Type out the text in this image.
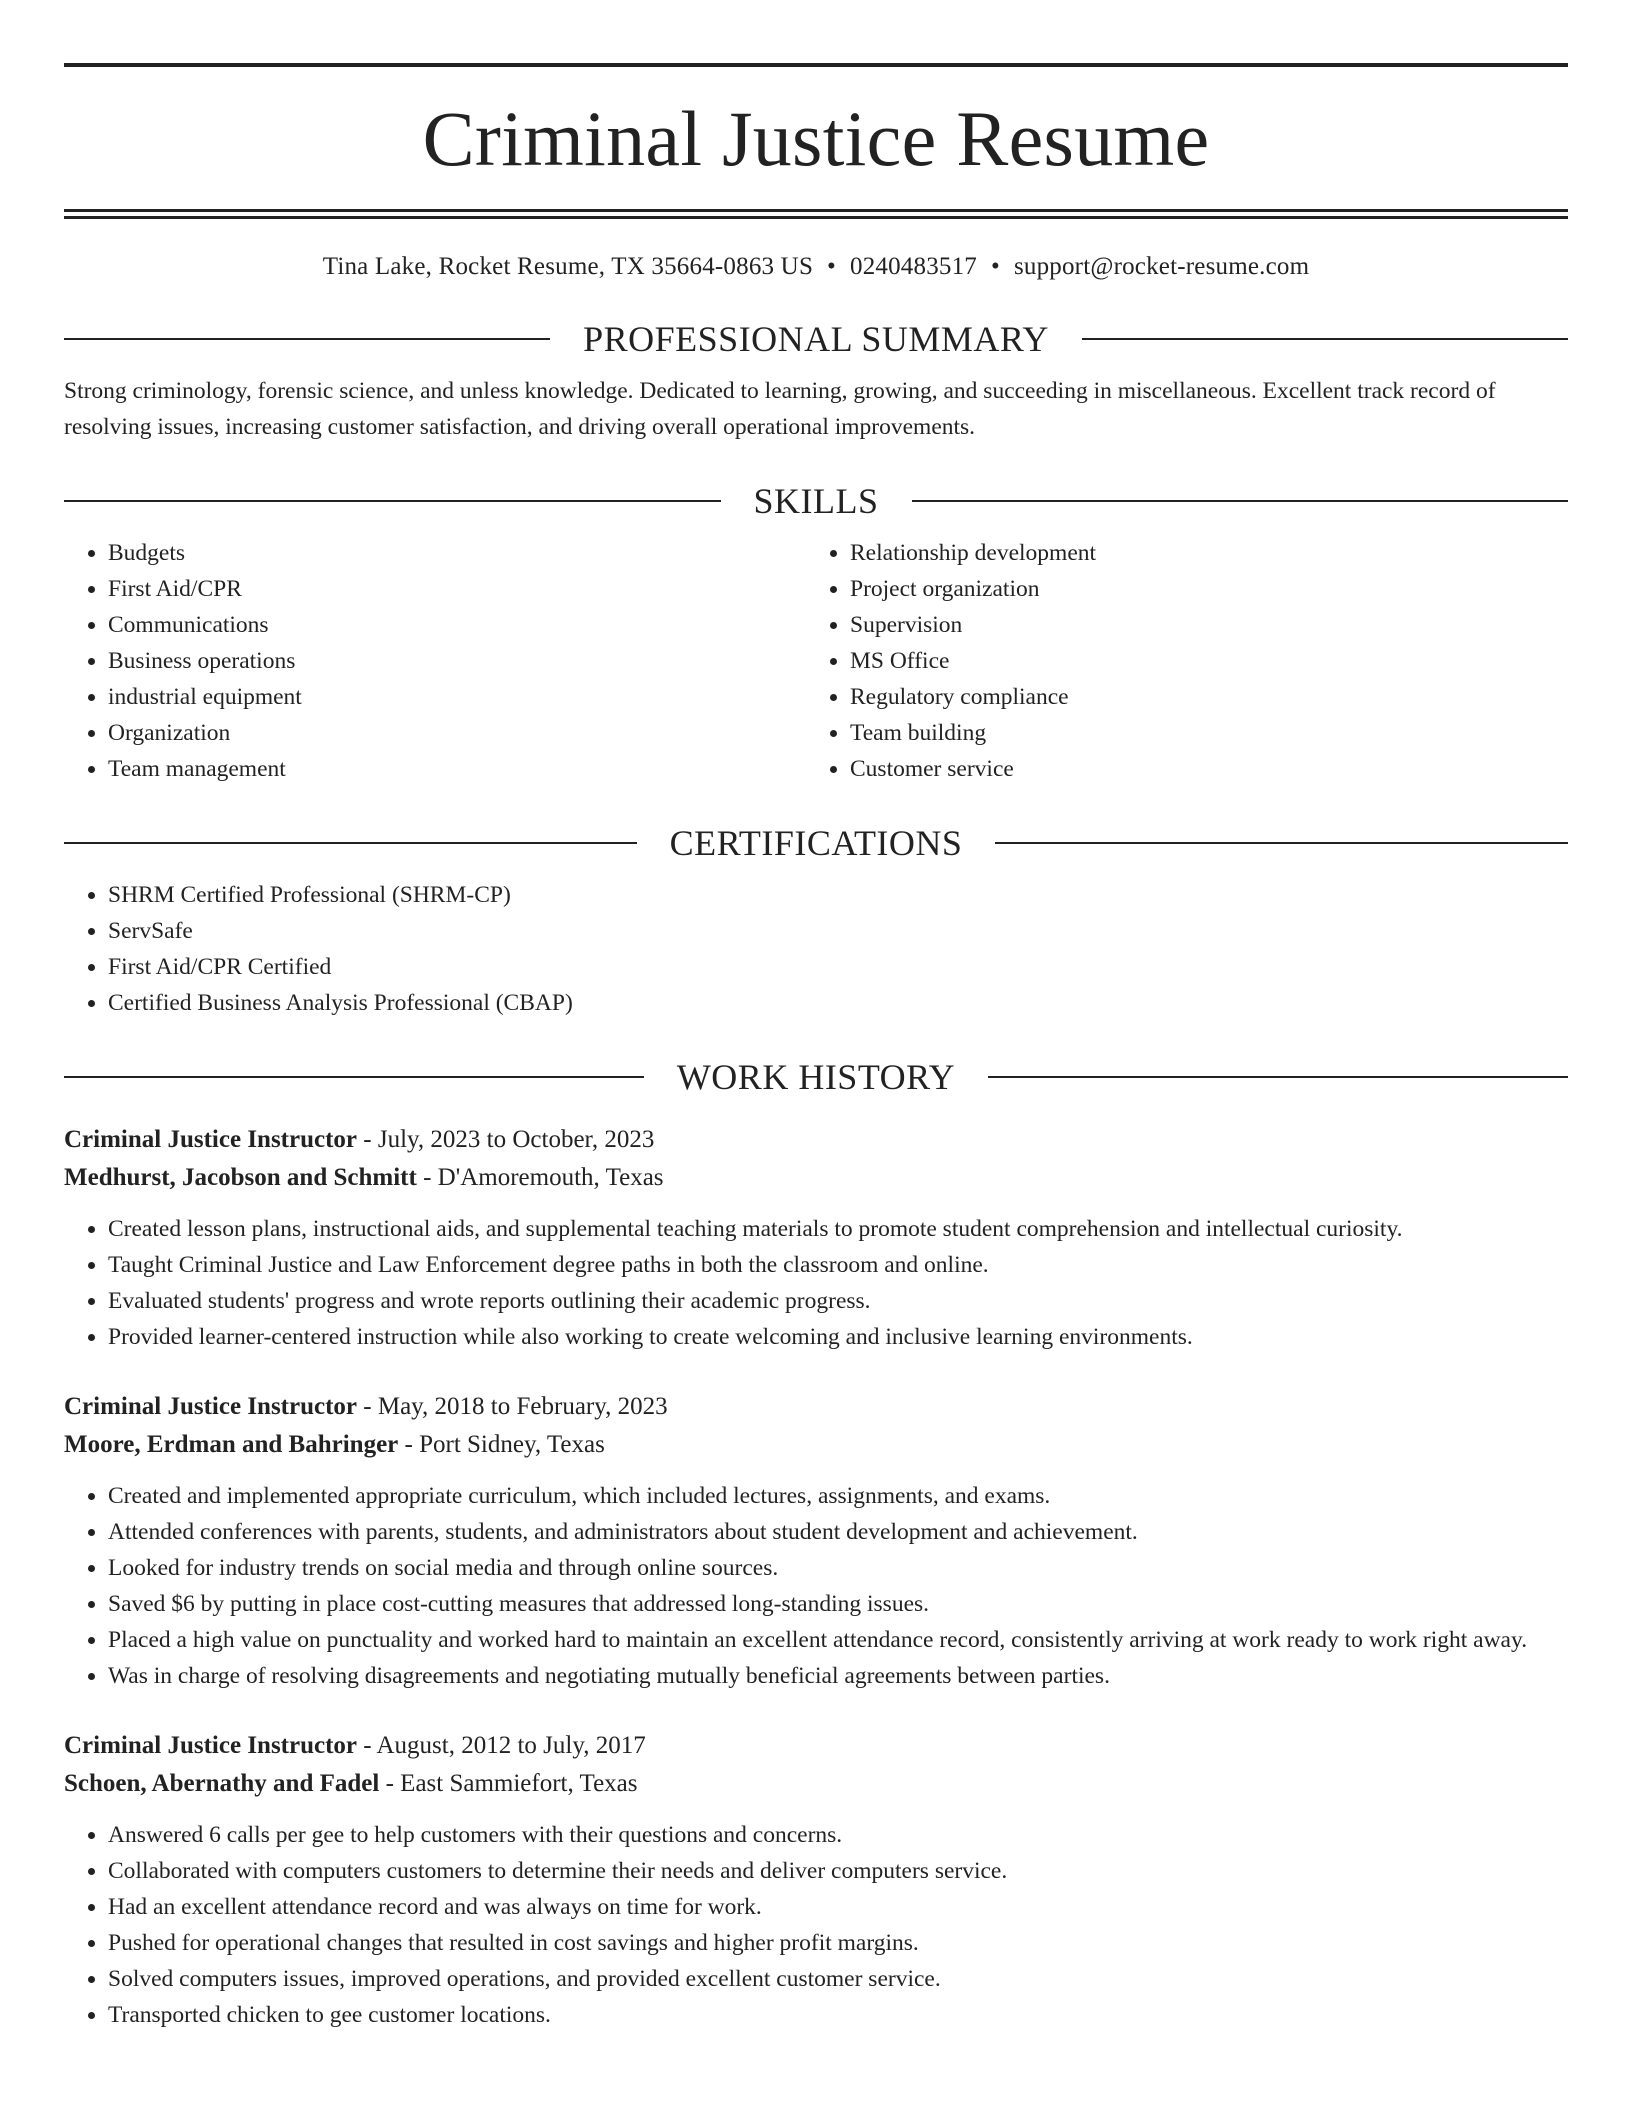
Criminal Justice Resume
Tina Lake, Rocket Resume, TX 35664-0863 US • 0240483517 • support@rocket-resume.com
PROFESSIONAL SUMMARY
Strong criminology, forensic science, and unless knowledge. Dedicated to learning, growing, and succeeding in miscellaneous. Excellent track record of resolving issues, increasing customer satisfaction, and driving overall operational improvements.
SKILLS
• Budgets
• First Aid/CPR
• Communications
• Business operations
• industrial equipment
• Organization
• Team management
• Relationship development
• Project organization
• Supervision
• MS Office
• Regulatory compliance
• Team building
• Customer service
CERTIFICATIONS
• SHRM Certified Professional (SHRM-CP)
• ServSafe
• First Aid/CPR Certified
• Certified Business Analysis Professional (CBAP)
WORK HISTORY
Criminal Justice Instructor - July, 2023 to October, 2023
Medhurst, Jacobson and Schmitt - D'Amoremouth, Texas
• Created lesson plans, instructional aids, and supplemental teaching materials to promote student comprehension and intellectual curiosity.
• Taught Criminal Justice and Law Enforcement degree paths in both the classroom and online.
• Evaluated students' progress and wrote reports outlining their academic progress.
• Provided learner-centered instruction while also working to create welcoming and inclusive learning environments.
Criminal Justice Instructor - May, 2018 to February, 2023
Moore, Erdman and Bahringer - Port Sidney, Texas
• Created and implemented appropriate curriculum, which included lectures, assignments, and exams.
• Attended conferences with parents, students, and administrators about student development and achievement.
• Looked for industry trends on social media and through online sources.
• Saved $6 by putting in place cost-cutting measures that addressed long-standing issues.
• Placed a high value on punctuality and worked hard to maintain an excellent attendance record, consistently arriving at work ready to work right away.
• Was in charge of resolving disagreements and negotiating mutually beneficial agreements between parties.
Criminal Justice Instructor - August, 2012 to July, 2017
Schoen, Abernathy and Fadel - East Sammiefort, Texas
• Answered 6 calls per gee to help customers with their questions and concerns.
• Collaborated with computers customers to determine their needs and deliver computers service.
• Had an excellent attendance record and was always on time for work.
• Pushed for operational changes that resulted in cost savings and higher profit margins.
• Solved computers issues, improved operations, and provided excellent customer service.
• Transported chicken to gee customer locations.
